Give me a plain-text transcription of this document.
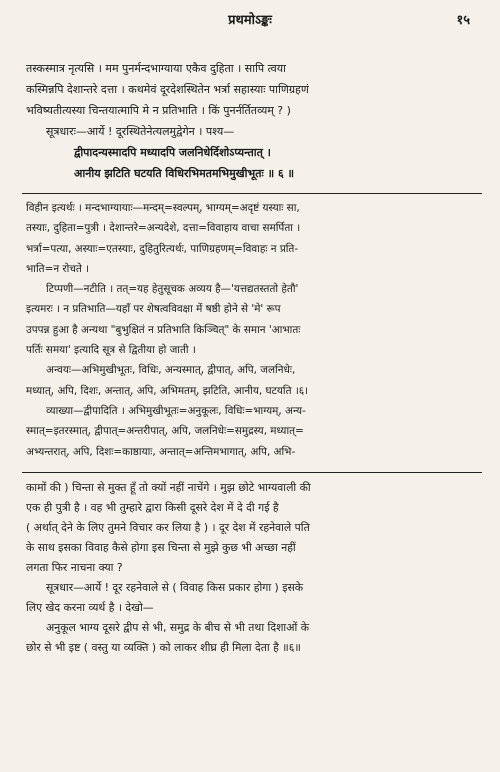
प्रथमोऽङ्कः	१५
तस्कस्मात्र नृत्यसि । मम पुनर्मन्दभाग्याया एकैव दुहिता । सापि त्वया
कस्मिन्नपि देशान्तरे दत्ता । कथमेवं दूरदेशस्थितेन भर्त्रा सहास्याः पाणिग्रहणं
भविष्यतीत्यस्या चिन्तयात्मापि मे न प्रतिभाति । किं पुनर्नर्तितव्यम् ? )
सूत्रधारः—आर्ये ! दूरस्थितेनेत्यलमुद्वेगेन । पश्य—
द्वीपादन्यस्मादपि मध्यादपि जलनिधेर्दिशोऽप्यन्तात् ।
आनीय झटिति घटयति विधिरभिमतमभिमुखीभूतः ॥ ६ ॥
विहीन इत्यर्थः । मन्दभाग्यायाः—मन्दम्=स्वल्पम्, भाग्यम्=अदृष्टं यस्याः सा,
तस्याः, दुहिता=पुत्री । देशान्तरे=अन्यदेशे, दत्ता=विवाहाय वाचा समर्पिता ।
भर्त्रा=पत्या, अस्याः=एतस्याः, दुहितुरित्यर्थः, पाणिग्रहणम्=विवाहः न प्रति-
भाति=न रोचते ।
टिप्पणी—नटीति । तत्=यह हेतुसूचक अव्यय है—'यत्तद्यतस्ततो हेतौ'
इत्यमरः । न प्रतिभाति—यहाँ पर शेषत्वविवक्षा में षष्ठी होने से 'मे' रूप
उपपन्न हुआ है अन्यथा "बुभुक्षितं न प्रतिभाति किञ्चित्" के समान 'आभातः
पर्तिः समया' इत्यादि सूत्र से द्वितीया हो जाती ।
अन्वयः—अभिमुखीभूतः, विधिः, अन्यस्मात्, द्वीपात्, अपि, जलनिधेः,
मध्यात्, अपि, दिशः, अन्तात्, अपि, अभिमतम्, झटिति, आनीय, घटयति ।६।
व्याख्या—द्वीपादिति । अभिमुखीभूतः=अनुकूलः, विधिः=भाग्यम्, अन्य-
स्मात्=इतरस्मात्, द्वीपात्=अन्तरीपात्, अपि, जलनिधेः=समुद्रस्य, मध्यात्=
अभ्यन्तरात्, अपि, दिशः=काष्ठायाः, अन्तात्=अन्तिमभागात्, अपि, अभि-
कामों की ) चिन्ता से मुक्त हूँ तो क्यों नहीं नाचेंगे । मुझ छोटे भाग्यवाली की
एक ही पुत्री है । वह भी तुम्हारे द्वारा किसी दूसरे देश में दे दी गई है
( अर्थात् देने के लिए तुमने विचार कर लिया है ) । दूर देश में रहनेवाले पति
के साथ इसका विवाह कैसे होगा इस चिन्ता से मुझे कुछ भी अच्छा नहीं
लगता फिर नाचना क्या ?
सूत्रधार—आर्ये ! दूर रहनेवाले से ( विवाह किस प्रकार होगा ) इसके
लिए खेद करना व्यर्थ है । देखो—
अनुकूल भाग्य दूसरे द्वीप से भी, समुद्र के बीच से भी तथा दिशाओं के
छोर से भी इष्ट ( वस्तु या व्यक्ति ) को लाकर शीघ्र ही मिला देता है ॥६॥
